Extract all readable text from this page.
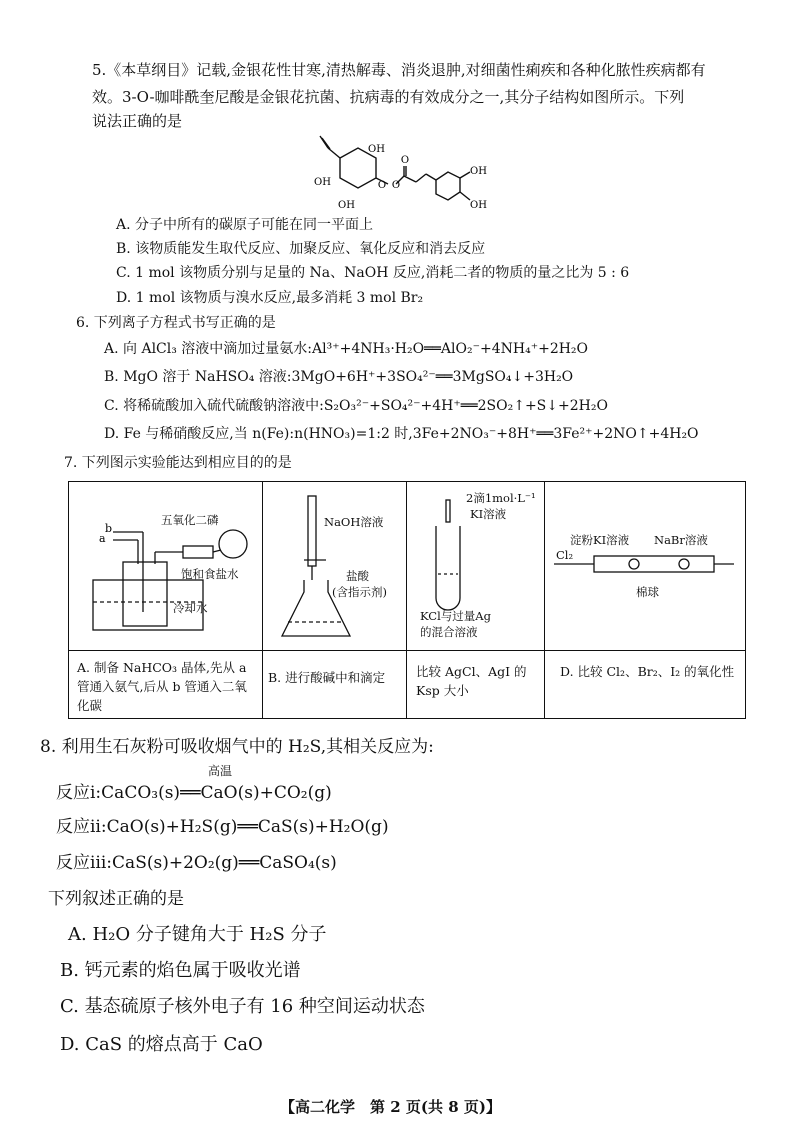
5.《本草纲目》记载,金银花性甘寒,清热解毒、消炎退肿,对细菌性痢疾和各种化脓性疾病都有
效。3-O-咖啡酰奎尼酸是金银花抗菌、抗病毒的有效成分之一,其分子结构如图所示。下列
说法正确的是
O
O
O
OH
OH
OH
OH
OH
A. 分子中所有的碳原子可能在同一平面上
B. 该物质能发生取代反应、加聚反应、氧化反应和消去反应
C. 1 mol 该物质分别与足量的 Na、NaOH 反应,消耗二者的物质的量之比为 5 : 6
D. 1 mol 该物质与溴水反应,最多消耗 3 mol Br₂
6. 下列离子方程式书写正确的是
A. 向 AlCl₃ 溶液中滴加过量氨水:Al³⁺+4NH₃·H₂O══AlO₂⁻+4NH₄⁺+2H₂O
B. MgO 溶于 NaHSO₄ 溶液:3MgO+6H⁺+3SO₄²⁻══3MgSO₄↓+3H₂O
C. 将稀硫酸加入硫代硫酸钠溶液中:S₂O₃²⁻+SO₄²⁻+4H⁺══2SO₂↑+S↓+2H₂O
D. Fe 与稀硝酸反应,当 n(Fe):n(HNO₃)=1:2 时,3Fe+2NO₃⁻+8H⁺══3Fe²⁺+2NO↑+4H₂O
7. 下列图示实验能达到相应目的的是
b
a
五氧化二磷
饱和食盐水
冷却水
A. 制备 NaHCO₃ 晶体,先从 a 管通入氨气,后从 b 管通入二氧化碳
NaOH溶液
盐酸
(含指示剂)
B. 进行酸碱中和滴定
2滴1mol·L⁻¹
KI溶液
KCl与过量Ag
的混合溶液
比较 AgCl、AgI 的 Ksp 大小
淀粉KI溶液 NaBr溶液
Cl₂
棉球
D. 比较 Cl₂、Br₂、I₂ 的氧化性
8. 利用生石灰粉可吸收烟气中的 H₂S,其相关反应为:
反应ⅰ:CaCO₃(s)══CaO(s)+CO₂(g)
高温
反应ⅱ:CaO(s)+H₂S(g)══CaS(s)+H₂O(g)
反应ⅲ:CaS(s)+2O₂(g)══CaSO₄(s)
下列叙述正确的是
A. H₂O 分子键角大于 H₂S 分子
B. 钙元素的焰色属于吸收光谱
C. 基态硫原子核外电子有 16 种空间运动状态
D. CaS 的熔点高于 CaO
【高二化学　第 2 页(共 8 页)】
